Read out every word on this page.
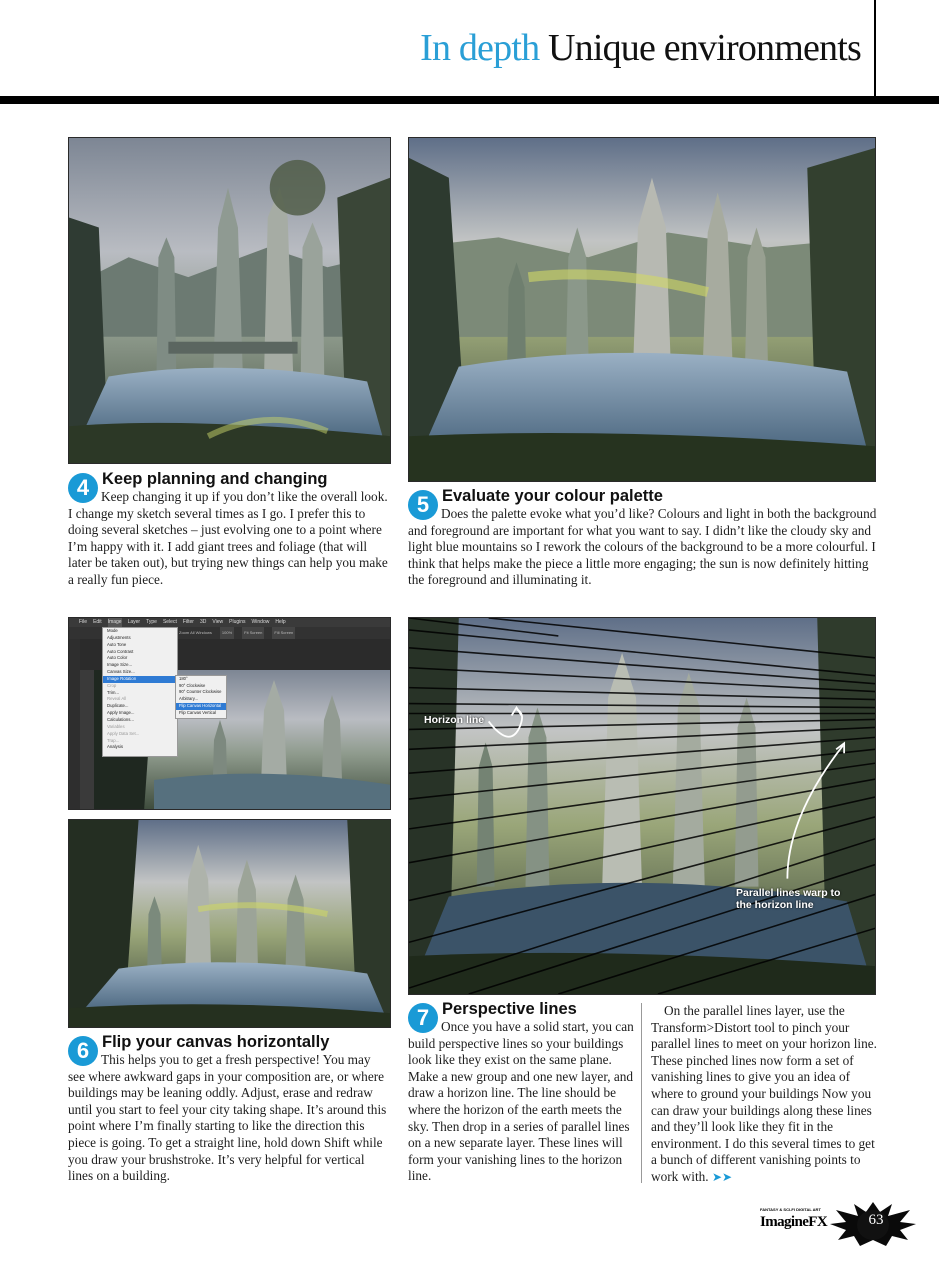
In depth Unique environments
File Edit Image Layer Type Select Filter 3D View Plugins Window Help
Zoom All Windows	100%	Fit Screen	Fill Screen
Mode
Adjustments
Auto Tone
Auto Contrast
Auto Color
Image Size...
Canvas Size...
Image Rotation
Crop
Trim...
Reveal All
Duplicate...
Apply Image...
Calculations...
Variables
Apply Data Set...
Trap...
Analysis
180°
90° Clockwise
90° Counter Clockwise
Arbitrary...
Flip Canvas Horizontal
Flip Canvas Vertical
Horizon line
Parallel lines warp to the horizon line
4 Keep planning and changing

Keep changing it up if you don’t like the overall look. I change my sketch several times as I go. I prefer this to doing several sketches – just evolving one to a point where I’m happy with it. I add giant trees and foliage (that will later be taken out), but trying new things can help you make a really fun piece.

5 Evaluate your colour palette

Does the palette evoke what you’d like? Colours and light in both the background and foreground are important for what you want to say. I didn’t like the cloudy sky and light blue mountains so I rework the colours of the background to be a more colourful. I think that helps make the piece a little more engaging; the sun is now definitely hitting the foreground and illuminating it.

6 Flip your canvas horizontally

This helps you to get a fresh perspective! You may see where awkward gaps in your composition are, or where buildings may be leaning oddly. Adjust, erase and redraw until you start to feel your city taking shape. It’s around this point where I’m finally starting to like the direction this piece is going. To get a straight line, hold down Shift while you draw your brushstroke. It’s very helpful for vertical lines on a building.

7 Perspective lines

Once you have a solid start, you can build perspective lines so your buildings look like they exist on the same plane. Make a new group and one new layer, and draw a horizon line. The line should be where the horizon of the earth meets the sky. Then drop in a series of parallel lines on a new separate layer. These lines will form your vanishing lines to the horizon line.

On the parallel lines layer, use the Transform>Distort tool to pinch your parallel lines to meet on your horizon line. These pinched lines now form a set of vanishing lines to give you an idea of where to ground your buildings Now you can draw your buildings along these lines and they’ll look like they fit in the environment. I do this several times to get a bunch of different vanishing points to work with. ➤➤

FANTASY & SCI-FI DIGITAL ART
ImagineFX	63
